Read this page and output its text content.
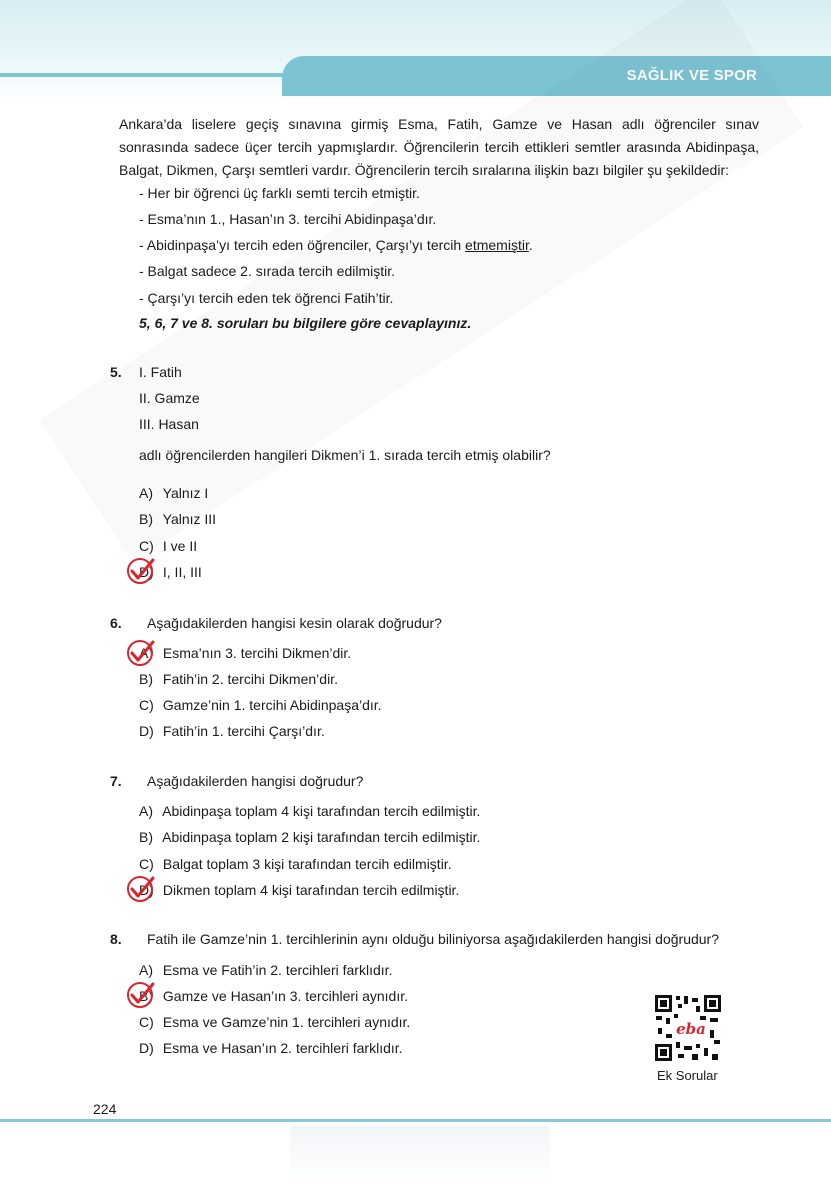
SAĞLIK VE SPOR

Ankara’da liselere geçiş sınavına girmiş Esma, Fatih, Gamze ve Hasan adlı öğrenciler sınav sonrasında sadece üçer tercih yapmışlardır. Öğrencilerin tercih ettikleri semtler arasında Abidinpaşa, Balgat, Dikmen, Çarşı semtleri vardır. Öğrencilerin tercih sıralarına ilişkin bazı bilgiler şu şekildedir:

- Her bir öğrenci üç farklı semti tercih etmiştir.
- Esma’nın 1., Hasan’ın 3. tercihi Abidinpaşa’dır.
- Abidinpaşa’yı tercih eden öğrenciler, Çarşı’yı tercih etmemiştir.
- Balgat sadece 2. sırada tercih edilmiştir.
- Çarşı’yı tercih eden tek öğrenci Fatih’tir.
5, 6, 7 ve 8. soruları bu bilgilere göre cevaplayınız.
5. I. Fatih
II. Gamze
III. Hasan
adlı öğrencilerden hangileri Dikmen’i 1. sırada tercih etmiş olabilir?
A) Yalnız I
B) Yalnız III
C) I ve II
D) I, II, III
6. Aşağıdakilerden hangisi kesin olarak doğrudur?
A) Esma’nın 3. tercihi Dikmen’dir.
B) Fatih’in 2. tercihi Dikmen’dir.
C) Gamze’nin 1. tercihi Abidinpaşa’dır.
D) Fatih’in 1. tercihi Çarşı’dır.
7. Aşağıdakilerden hangisi doğrudur?
A) Abidinpaşa toplam 4 kişi tarafından tercih edilmiştir.
B) Abidinpaşa toplam 2 kişi tarafından tercih edilmiştir.
C) Balgat toplam 3 kişi tarafından tercih edilmiştir.
D) Dikmen toplam 4 kişi tarafından tercih edilmiştir.
8. Fatih ile Gamze’nin 1. tercihlerinin aynı olduğu biliniyorsa aşağıdakilerden hangisi doğrudur?
A) Esma ve Fatih’in 2. tercihleri farklıdır.
B) Gamze ve Hasan’ın 3. tercihleri aynıdır.
C) Esma ve Gamze’nin 1. tercihleri aynıdır.
D) Esma ve Hasan’ın 2. tercihleri farklıdır.
eba
Ek Sorular
224
